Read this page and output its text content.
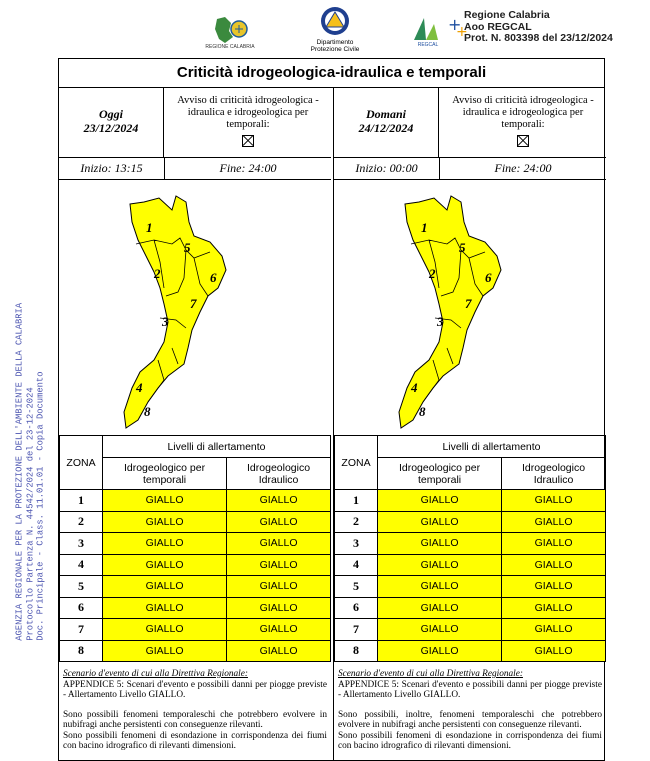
REGIONE CALABRIA
Dipartimento
Protezione Civile
+
+
REGCAL
Regione Calabria
Aoo REGCAL
Prot. N. 803398 del 23/12/2024
AGENZIA REGIONALE PER LA PROTEZIONE DELL'AMBIENTE DELLA CALABRIA Protocollo Partenza N. 44542/2024 del 23-12-2024 Doc. Principale - Class. 11.01.01 - Copia Documento
Criticità idrogeologica-idraulica e temporali
Oggi
23/12/2024
Avviso di criticità idrogeologica - idraulica e idrogeologica per temporali:
Inizio: 13:15	Fine: 24:00
1
2
3
4
5
6
7
8
ZONA	Livelli di allertamento	
	Idrogeologico per temporali	Idrogeologico Idraulico
1	GIALLO	GIALLO
2	GIALLO	GIALLO
3	GIALLO	GIALLO
4	GIALLO	GIALLO
5	GIALLO	GIALLO
6	GIALLO	GIALLO
7	GIALLO	GIALLO
8	GIALLO	GIALLO

Scenario d'evento di cui alla Direttiva Regionale:

APPENDICE 5: Scenari d'evento e possibili danni per piogge previste - Allertamento Livello GIALLO.

Sono possibili fenomeni temporaleschi che potrebbero evolvere in nubifragi anche persistenti con conseguenze rilevanti.

Sono possibili fenomeni di esondazione in corrispondenza dei fiumi con bacino idrografico di rilevanti dimensioni.

Domani
24/12/2024
Avviso di criticità idrogeologica - idraulica e idrogeologica per temporali:
Inizio: 00:00	Fine: 24:00
1
2
3
4
5
6
7
8
ZONA	Livelli di allertamento	
	Idrogeologico per temporali	Idrogeologico Idraulico
1	GIALLO	GIALLO
2	GIALLO	GIALLO
3	GIALLO	GIALLO
4	GIALLO	GIALLO
5	GIALLO	GIALLO
6	GIALLO	GIALLO
7	GIALLO	GIALLO
8	GIALLO	GIALLO

Scenario d'evento di cui alla Direttiva Regionale:

APPENDICE 5: Scenari d'evento e possibili danni per piogge previste - Allertamento Livello GIALLO.

Sono possibili, inoltre, fenomeni temporaleschi che potrebbero evolvere in nubifragi anche persistenti con conseguenze rilevanti.

Sono possibili fenomeni di esondazione in corrispondenza dei fiumi con bacino idrografico di rilevanti dimensioni.
